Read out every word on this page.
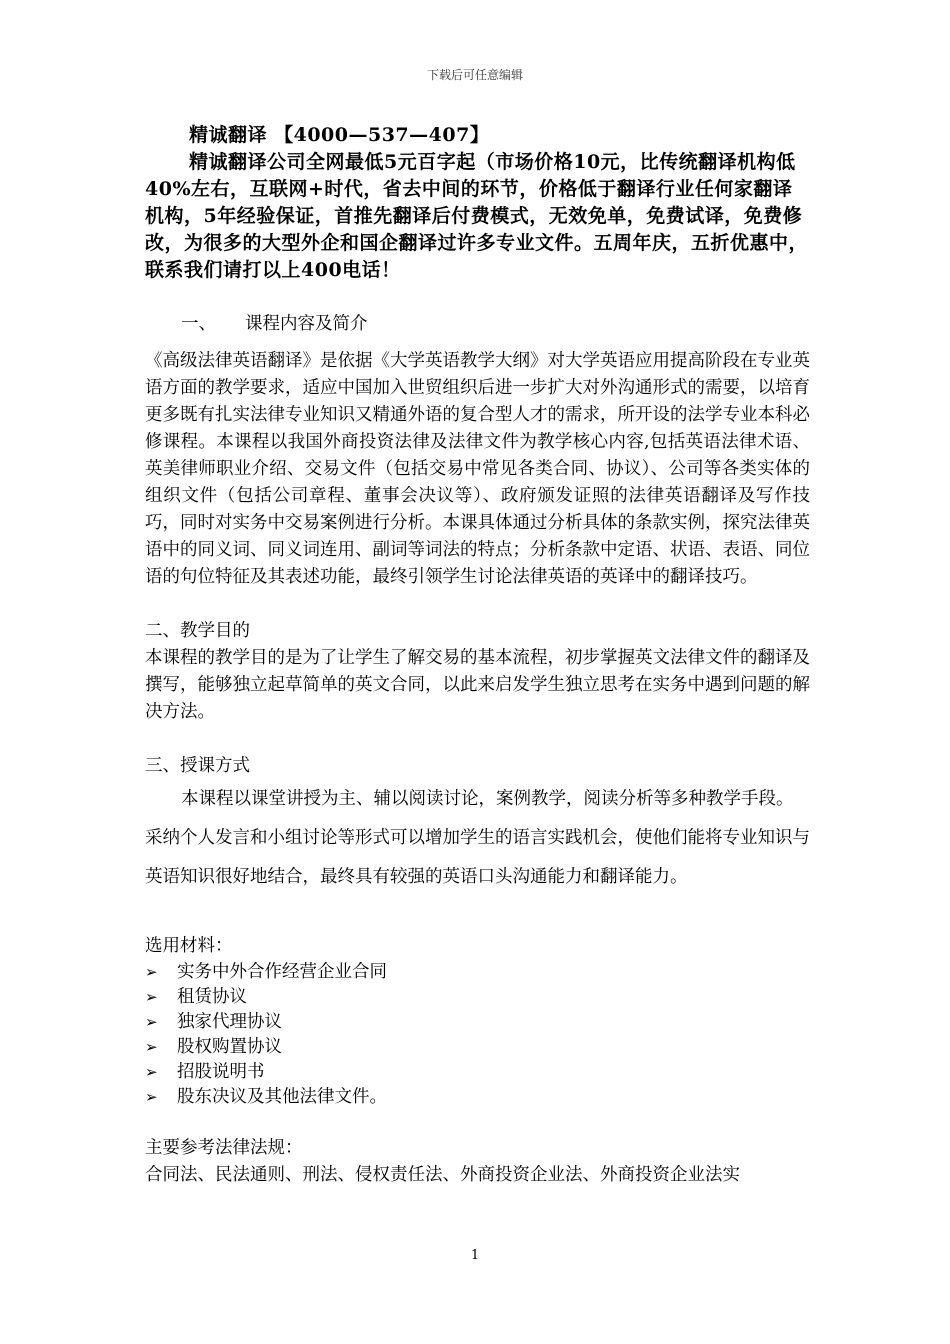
下载后可任意编辑

精诚翻译 【4000—537—407】

精诚翻译公司全网最低5元百字起（市场价格10元，比传统翻译机构低40%左右，互联网+时代，省去中间的环节，价格低于翻译行业任何家翻译机构，5年经验保证，首推先翻译后付费模式，无效免单，免费试译，免费修改，为很多的大型外企和国企翻译过许多专业文件。五周年庆，五折优惠中，联系我们请打以上400电话！

一、 课程内容及简介
《高级法律英语翻译》是依据《大学英语教学大纲》对大学英语应用提高阶段在专业英语方面的教学要求，适应中国加入世贸组织后进一步扩大对外沟通形式的需要，以培育更多既有扎实法律专业知识又精通外语的复合型人才的需求，所开设的法学专业本科必修课程。本课程以我国外商投资法律及法律文件为教学核心内容,包括英语法律术语、英美律师职业介绍、交易文件（包括交易中常见各类合同、协议）、公司等各类实体的组织文件（包括公司章程、董事会决议等）、政府颁发证照的法律英语翻译及写作技巧，同时对实务中交易案例进行分析。本课具体通过分析具体的条款实例，探究法律英语中的同义词、同义词连用、副词等词法的特点；分析条款中定语、状语、表语、同位语的句位特征及其表述功能，最终引领学生讨论法律英语的英译中的翻译技巧。
二、教学目的
本课程的教学目的是为了让学生了解交易的基本流程，初步掌握英文法律文件的翻译及撰写，能够独立起草简单的英文合同，以此来启发学生独立思考在实务中遇到问题的解决方法。
三、授课方式
本课程以课堂讲授为主、辅以阅读讨论，案例教学，阅读分析等多种教学手段。采纳个人发言和小组讨论等形式可以增加学生的语言实践机会，使他们能将专业知识与英语知识很好地结合，最终具有较强的英语口头沟通能力和翻译能力。
选用材料：
➢	实务中外合作经营企业合同
➢	租赁协议
➢	独家代理协议
➢	股权购置协议
➢	招股说明书
➢	股东决议及其他法律文件。
主要参考法律法规：
合同法、民法通则、刑法、侵权责任法、外商投资企业法、外商投资企业法实
1
